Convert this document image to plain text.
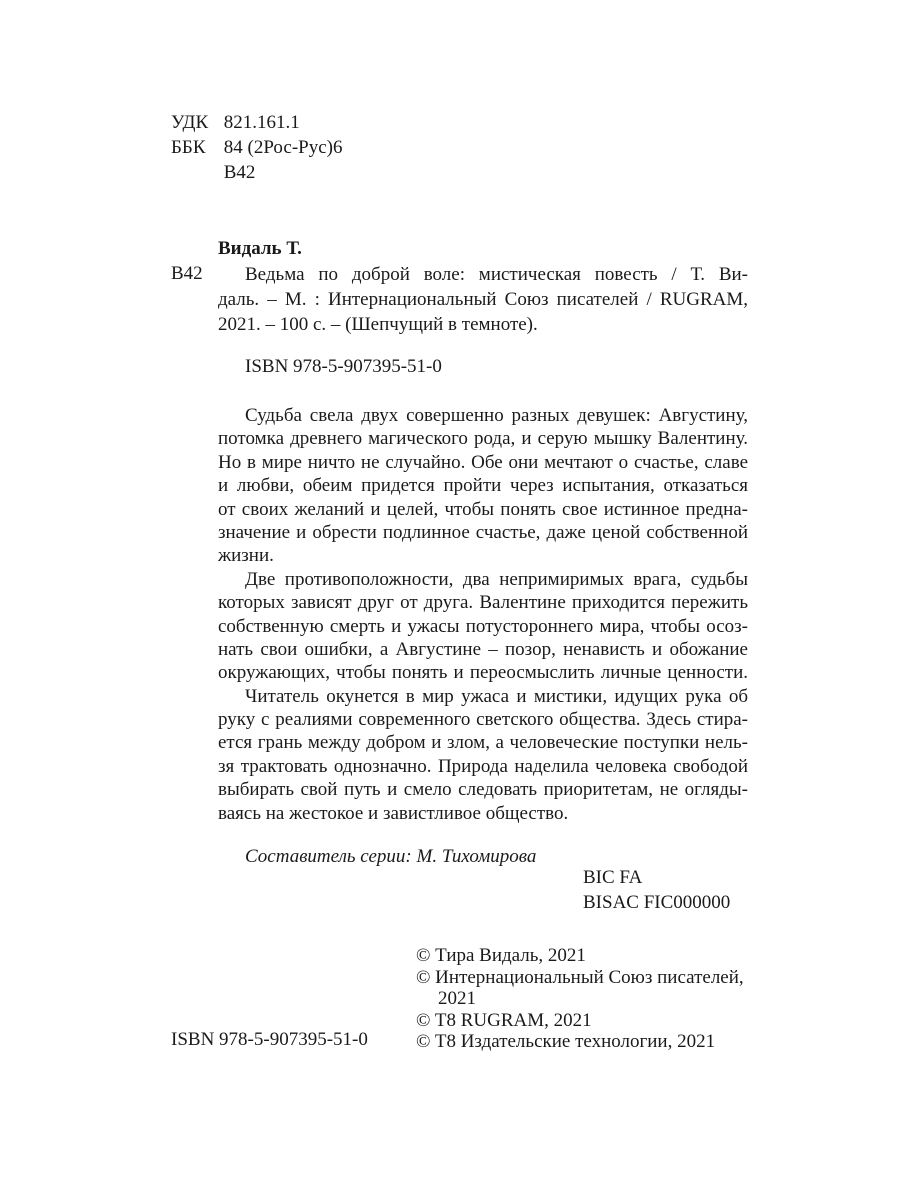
УДК 821.161.1
ББК 84 (2Рос-Рус)6
В42
Видаль Т.
В42	Ведьма по доброй воле: мистическая повесть / Т. Ви-
даль. – М. : Интернациональный Союз писателей / RUGRAM,
2021. – 100 с. – (Шепчущий в темноте).
ISBN 978-5-907395-51-0
Судьба свела двух совершенно разных девушек: Августину,
потомка древнего магического рода, и серую мышку Валентину.
Но в мире ничто не случайно. Обе они мечтают о счастье, славе
и любви, обеим придется пройти через испытания, отказаться
от своих желаний и целей, чтобы понять свое истинное предна-
значение и обрести подлинное счастье, даже ценой собственной
жизни.
Две противоположности, два непримиримых врага, судьбы
которых зависят друг от друга. Валентине приходится пережить
собственную смерть и ужасы потустороннего мира, чтобы осоз-
нать свои ошибки, а Августине – позор, ненависть и обожание
окружающих, чтобы понять и переосмыслить личные ценности.
Читатель окунется в мир ужаса и мистики, идущих рука об
руку с реалиями современного светского общества. Здесь стира-
ется грань между добром и злом, а человеческие поступки нель-
зя трактовать однозначно. Природа наделила человека свободой
выбирать свой путь и смело следовать приоритетам, не огляды-
ваясь на жестокое и завистливое общество.
Составитель серии: М. Тихомирова
BIC FA
BISAC FIC000000
© Тира Видаль, 2021
© Интернациональный Союз писателей,
2021
© T8 RUGRAM, 2021
© T8 Издательские технологии, 2021
ISBN 978-5-907395-51-0
